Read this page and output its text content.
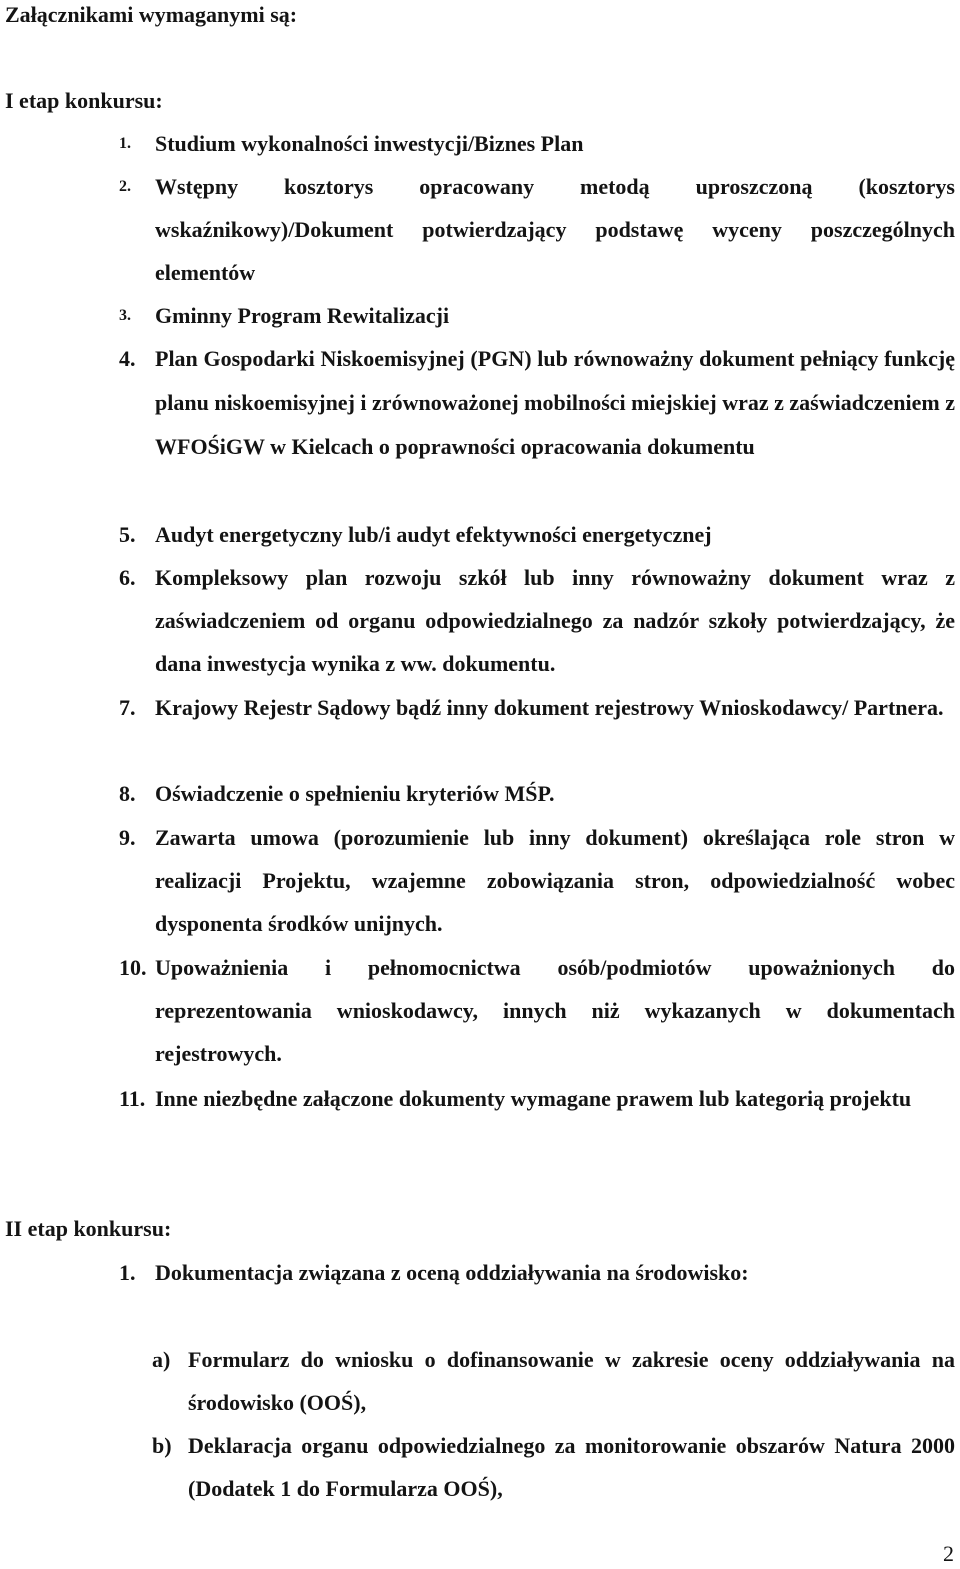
Załącznikami wymaganymi są:

I etap konkursu:

1. Studium wykonalności inwestycji/Biznes Plan
2. Wstępny kosztorys opracowany metodą uproszczoną (kosztorys wskaźnikowy)/Dokument potwierdzający podstawę wyceny poszczególnych elementów
3. Gminny Program Rewitalizacji
4. Plan Gospodarki Niskoemisyjnej (PGN) lub równoważny dokument pełniący funkcję planu niskoemisyjnej i zrównoważonej mobilności miejskiej wraz z zaświadczeniem z WFOŚiGW w Kielcach o poprawności opracowania dokumentu
5. Audyt energetyczny lub/i audyt efektywności energetycznej
6. Kompleksowy plan rozwoju szkół lub inny równoważny dokument wraz z zaświadczeniem od organu odpowiedzialnego za nadzór szkoły potwierdzający, że dana inwestycja wynika z ww. dokumentu.
7. Krajowy Rejestr Sądowy bądź inny dokument rejestrowy Wnioskodawcy/ Partnera.
8. Oświadczenie o spełnieniu kryteriów MŚP.
9. Zawarta umowa (porozumienie lub inny dokument) określająca role stron w realizacji Projektu, wzajemne zobowiązania stron, odpowiedzialność wobec dysponenta środków unijnych.
10. Upoważnienia i pełnomocnictwa osób/podmiotów upoważnionych do reprezentowania wnioskodawcy, innych niż wykazanych w dokumentach rejestrowych.
11. Inne niezbędne załączone dokumenty wymagane prawem lub kategorią projektu

II etap konkursu:

1. Dokumentacja związana z oceną oddziaływania na środowisko:
a) Formularz do wniosku o dofinansowanie w zakresie oceny oddziaływania na środowisko (OOŚ),
b) Deklaracja organu odpowiedzialnego za monitorowanie obszarów Natura 2000 (Dodatek 1 do Formularza OOŚ),
2
